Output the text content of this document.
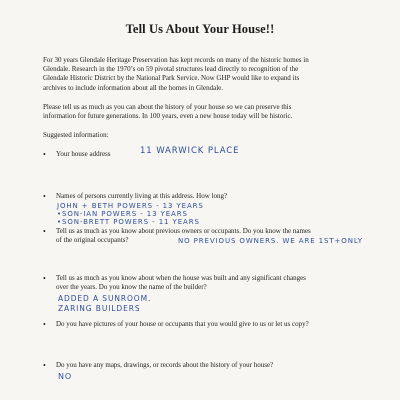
Tell Us About Your House!!
For 30 years Glendale Heritage Preservation has kept records on many of the historic homes in
Glendale. Research in the 1970’s on 59 pivotal structures lead directly to recognition of the
Glendale Historic District by the National Park Service. Now GHP would like to expand its
archives to include information about all the homes in Glendale.
Please tell us as much as you can about the history of your house so we can preserve this
information for future generations. In 100 years, even a new house today will be historic.
Suggested information:
• Your house address	11 WARWICK PLACE
• Names of persons currently living at this address. How long?
JOHN + BETH POWERS - 13 YEARS
•SON-IAN POWERS - 13 YEARS
•SON-BRETT POWERS - 11 YEARS
• Tell us as much as you know about previous owners or occupants. Do you know the names
of the original occupants?	NO PREVIOUS OWNERS. WE ARE 1ST+ONLY
• Tell us as much as you know about when the house was built and any significant changes
over the years. Do you know the name of the builder?
ADDED A SUNROOM.
ZARING BUILDERS
• Do you have pictures of your house or occupants that you would give to us or let us copy?
• Do you have any maps, drawings, or records about the history of your house?
NO
